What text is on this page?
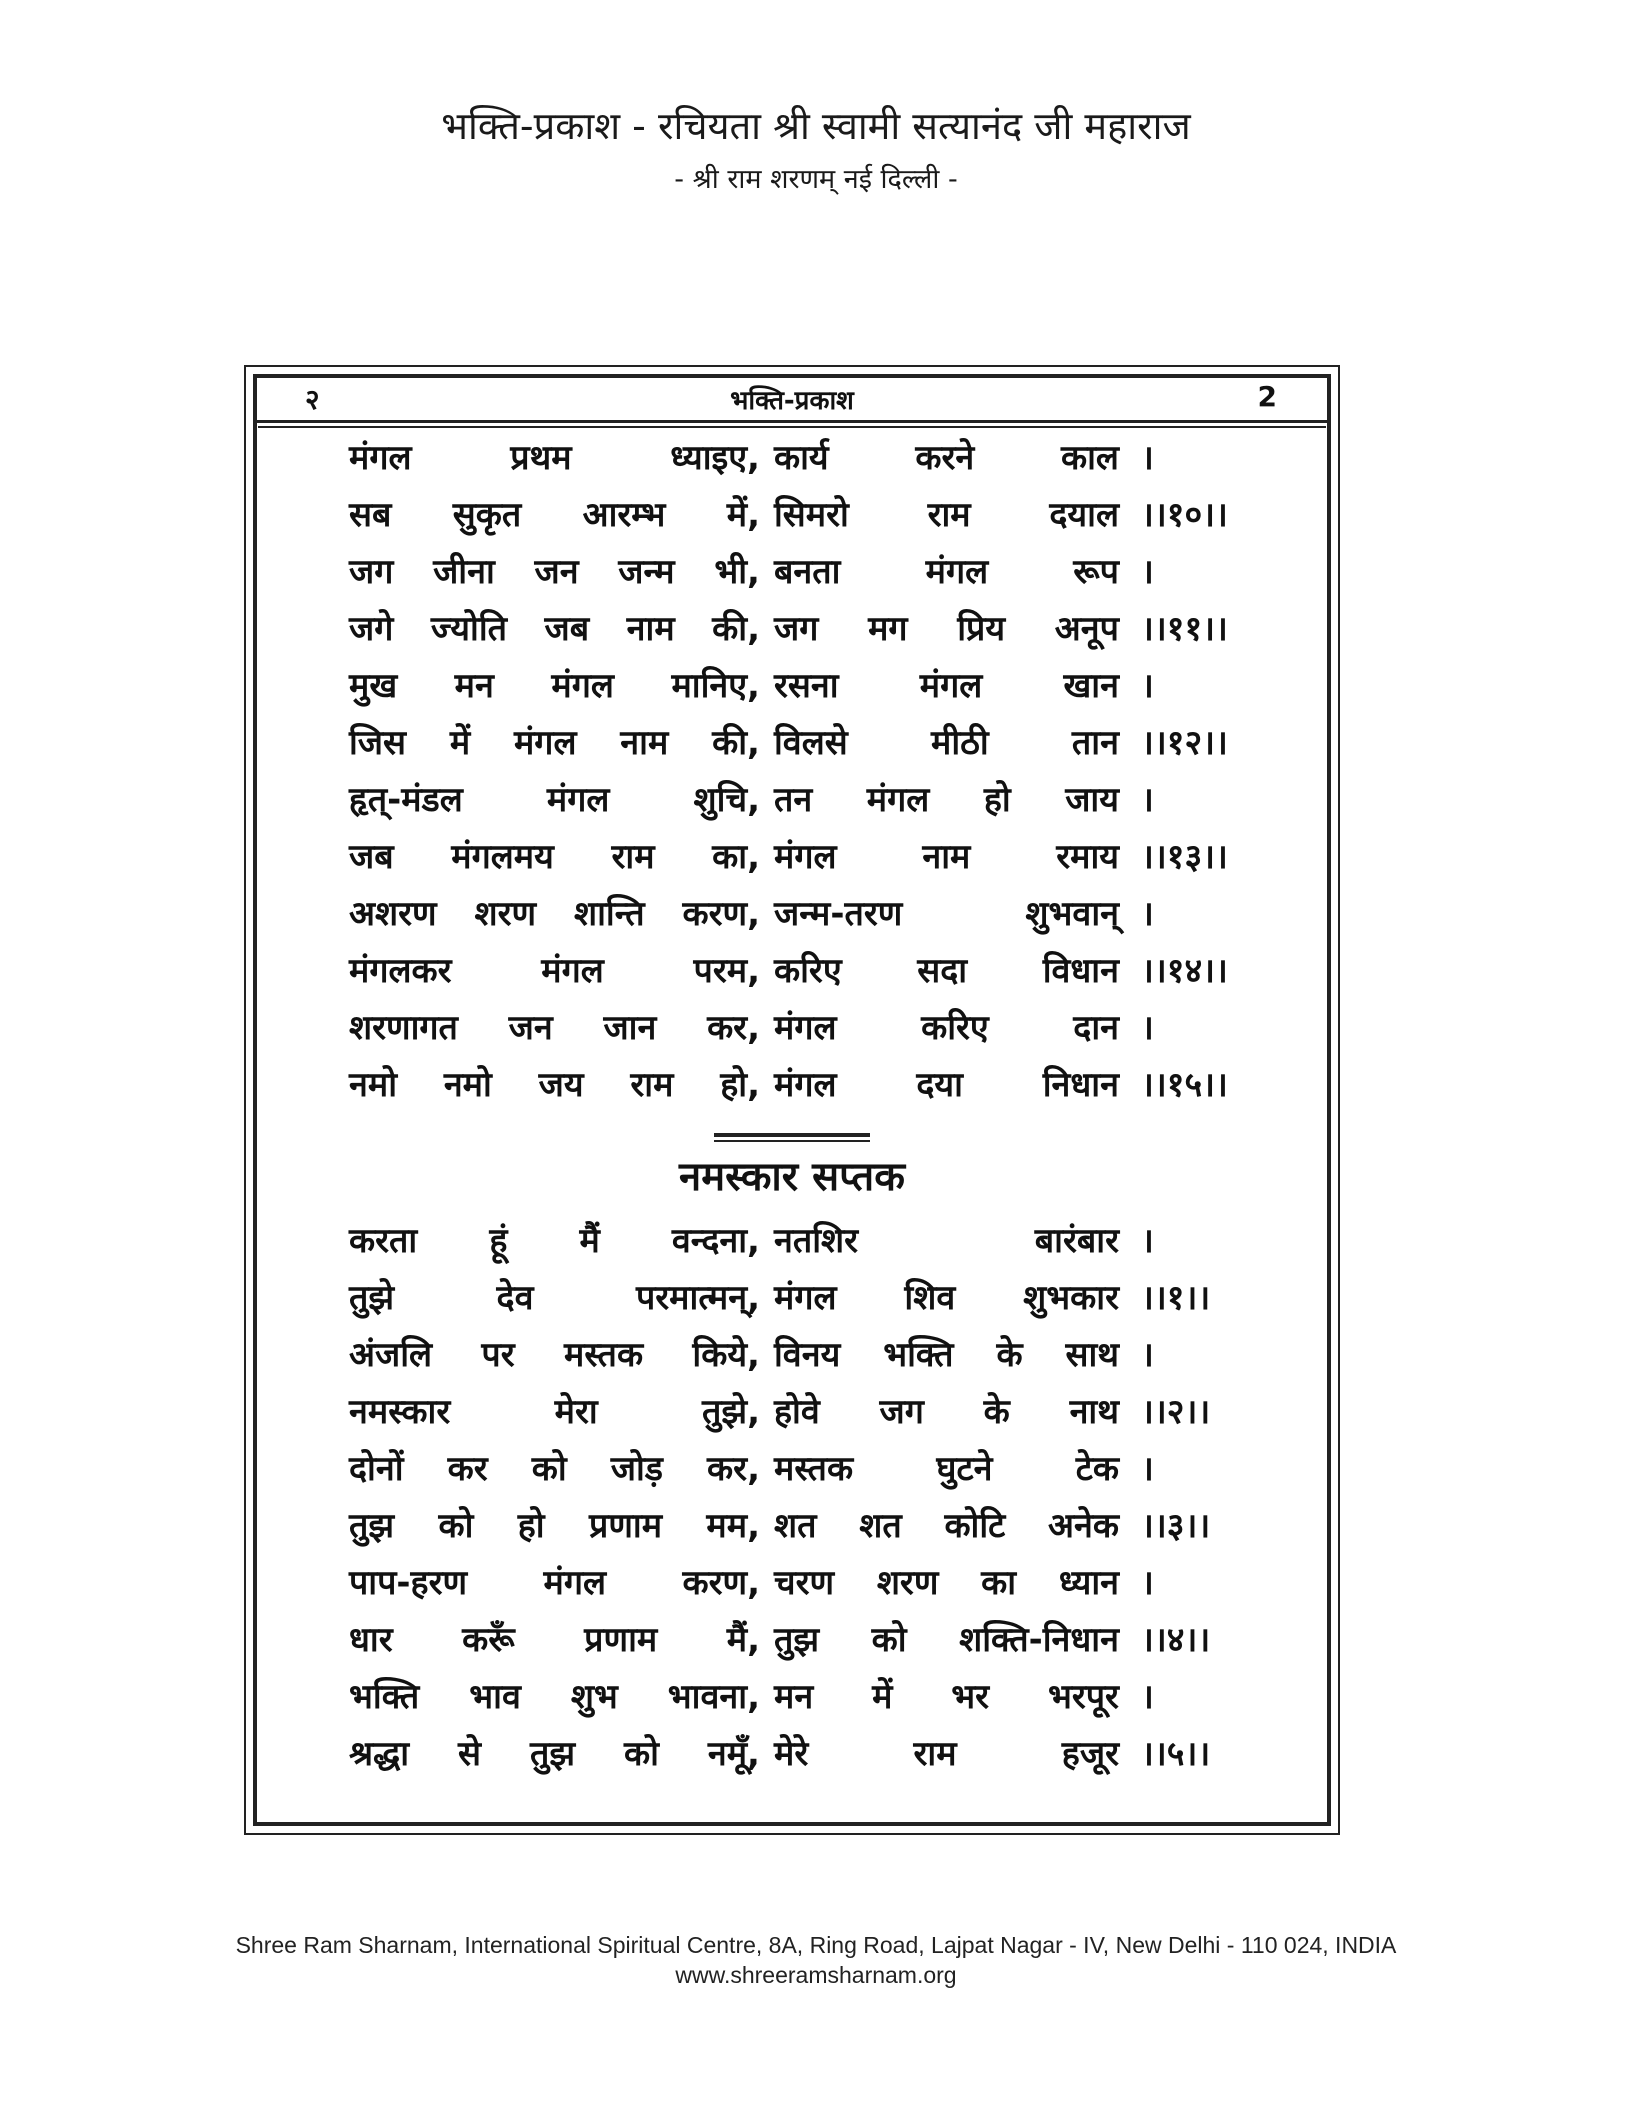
भक्ति-प्रकाश - रचियता श्री स्वामी सत्यानंद जी महाराज
- श्री राम शरणम् नई दिल्ली -
२	भक्ति-प्रकाश	2
मंगल	प्रथम	ध्याइए, कार्य	करने	काल ।
सब सुकृत आरम्भ में, सिमरो राम दयाल ।।१०।।
जग जीना जन जन्म भी, बनता	मंगल	रूप ।
जगे ज्योति जब नाम की, जग मग प्रिय अनूप ।।११।।
मुख मन मंगल मानिए, रसना मंगल खान ।
जिस में मंगल नाम की, विलसे मीठी तान ।।१२।।
हृत्-मंडल मंगल शुचि, तन मंगल हो जाय ।
जब मंगलमय राम का, मंगल	नाम	रमाय ।।१३।।
अशरण शरण शान्ति करण, जन्म-तरण	शुभवान् ।
मंगलकर	मंगल	परम, करिए सदा विधान ।।१४।।
शरणागत जन जान कर, मंगल करिए दान ।
नमो नमो जय राम हो, मंगल दया निधान ।।१५।।
नमस्कार सप्तक
करता हूं मैं वन्दना, नतशिर	बारंबार ।
तुझे	देव	परमात्मन्, मंगल शिव शुभकार ।।१।।
अंजलि पर मस्तक किये, विनय भक्ति के साथ ।
नमस्कार	मेरा	तुझे, होवे जग के नाथ ।।२।।
दोनों कर को जोड़ कर, मस्तक घुटने टेक ।
तुझ को हो प्रणाम मम, शत शत कोटि अनेक ।।३।।
पाप-हरण मंगल करण, चरण शरण का ध्यान ।
धार करूँ प्रणाम मैं, तुझ को शक्ति-निधान ।।४।।
भक्ति भाव शुभ भावना, मन में भर भरपूर ।
श्रद्धा से तुझ को नमूँ, मेरे	राम	हजूर ।।५।।
Shree Ram Sharnam, International Spiritual Centre, 8A, Ring Road, Lajpat Nagar - IV, New Delhi - 110 024, INDIA
www.shreeramsharnam.org
